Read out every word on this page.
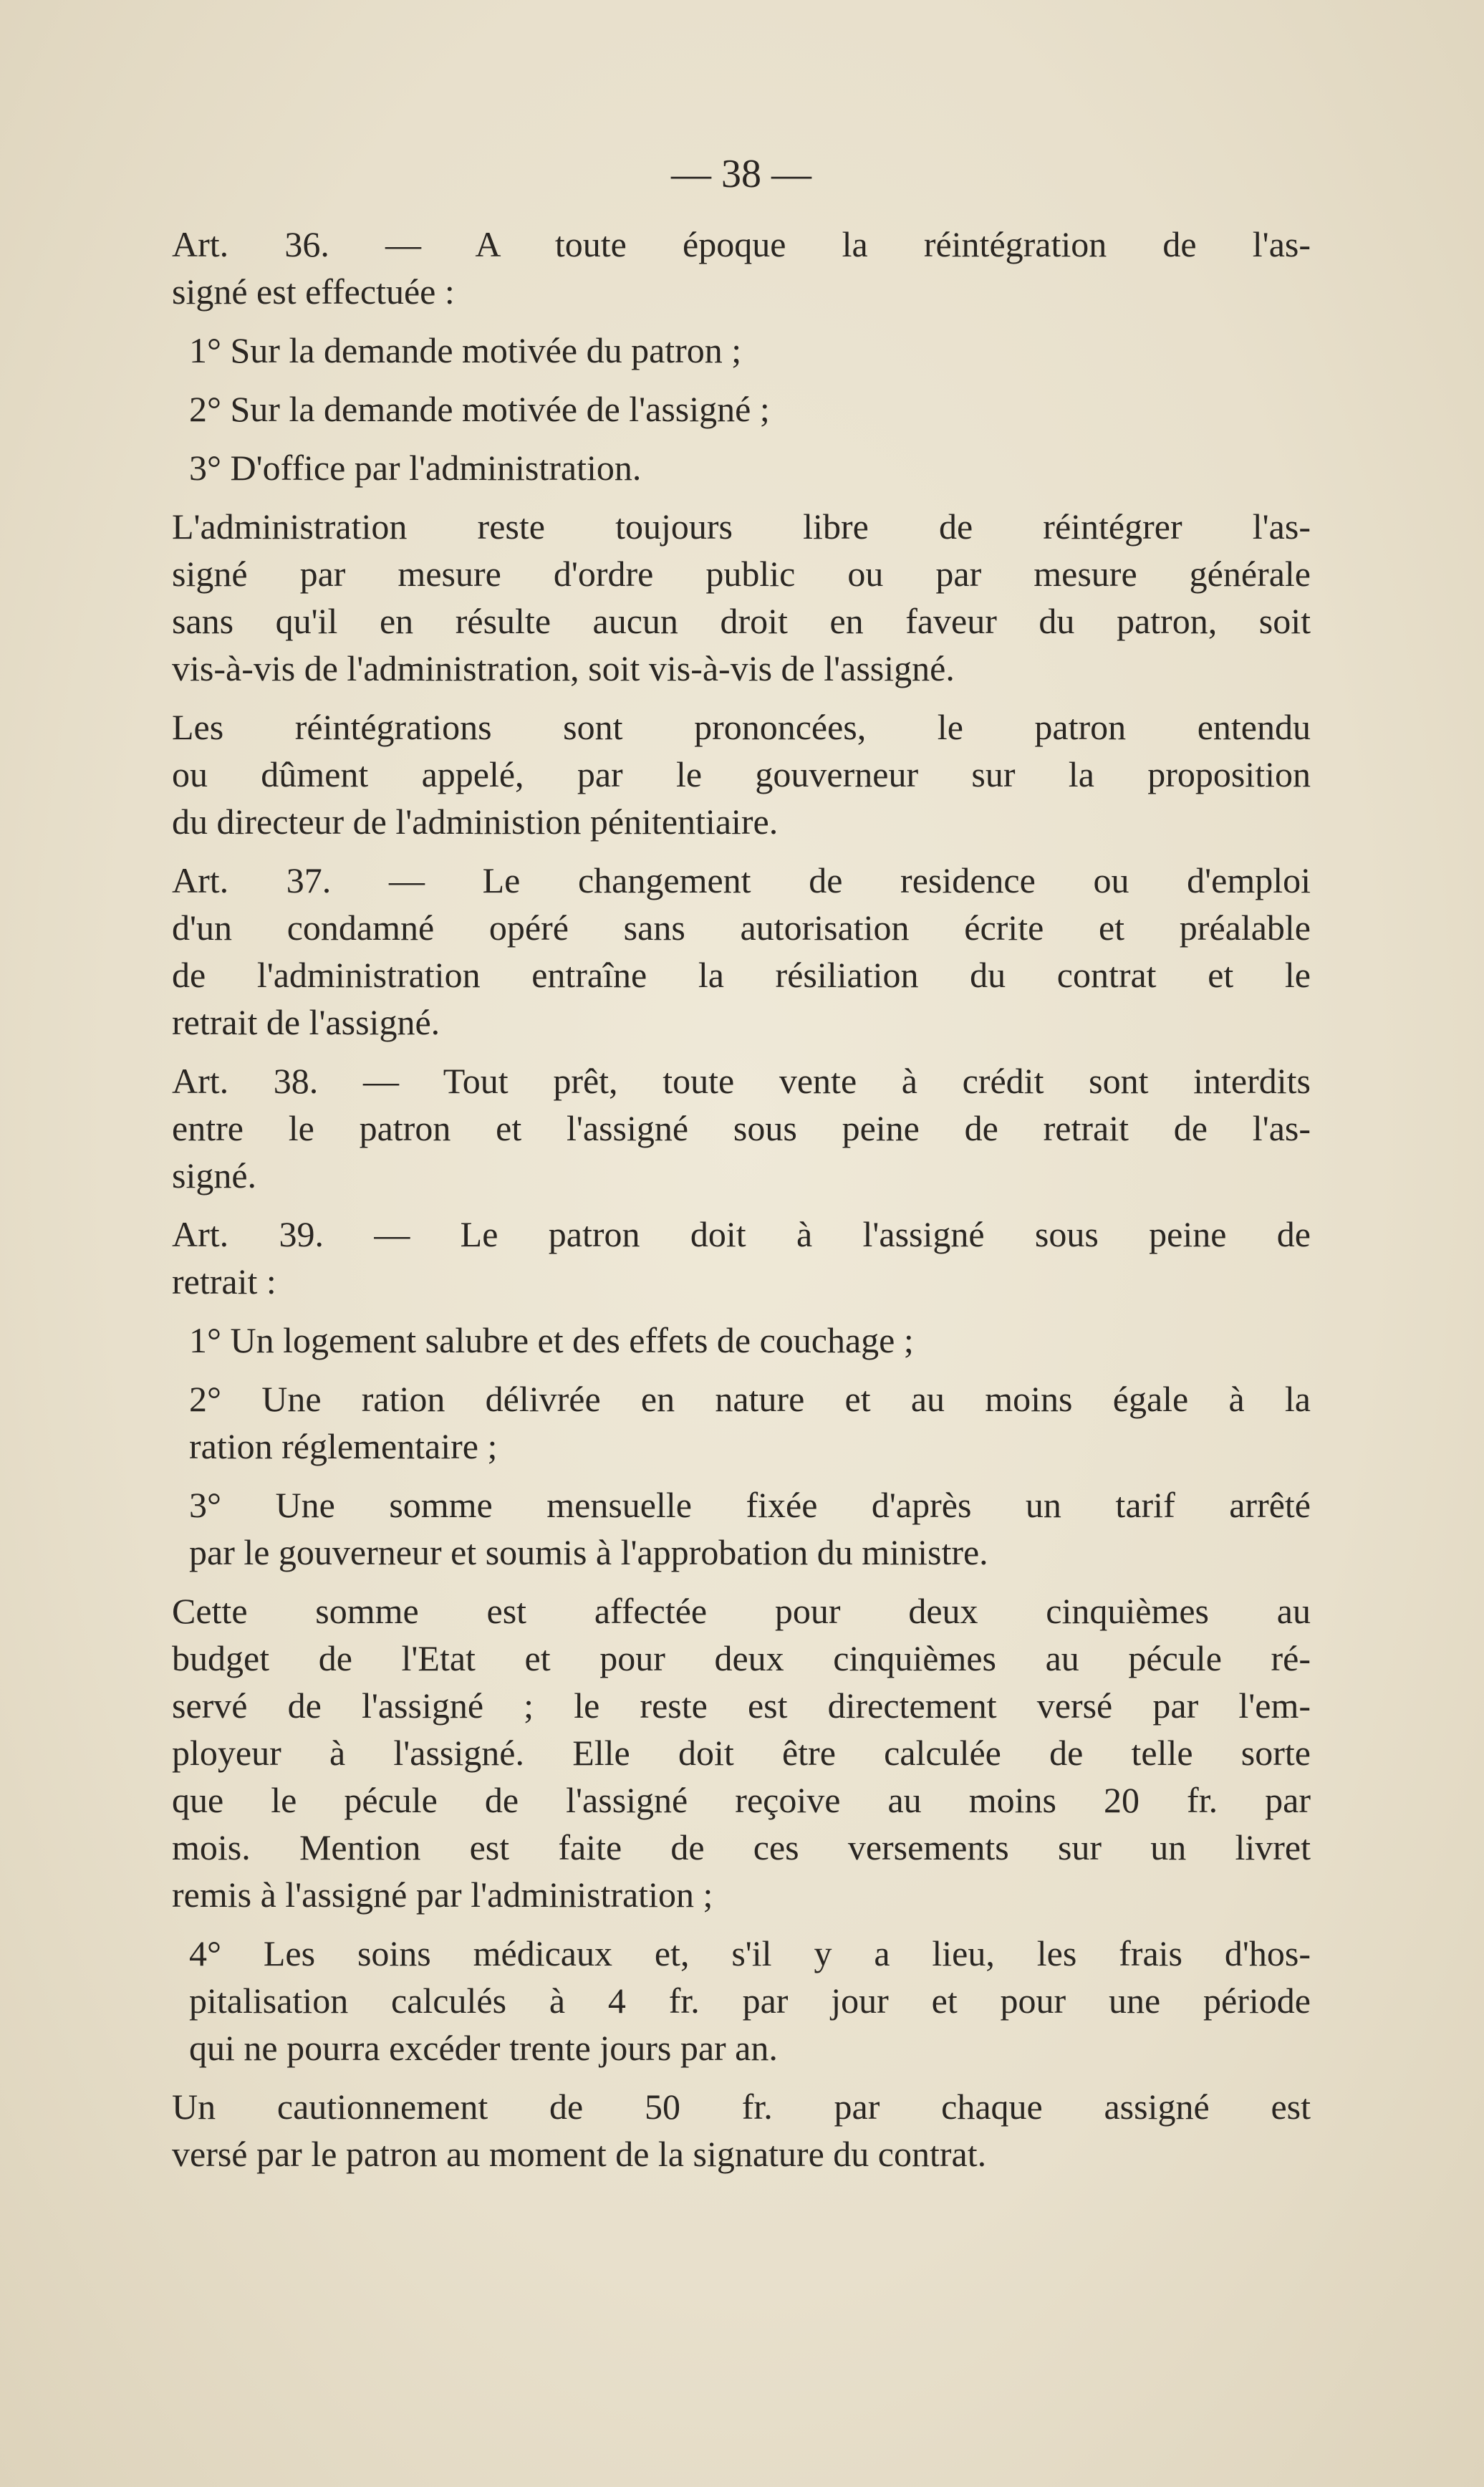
— 38 —
Art. 36. — A toute époque la réintégration de l'as-
signé est effectuée :
1° Sur la demande motivée du patron ;
2° Sur la demande motivée de l'assigné ;
3° D'office par l'administration.
L'administration reste toujours libre de réintégrer l'as-
signé par mesure d'ordre public ou par mesure générale
sans qu'il en résulte aucun droit en faveur du patron, soit
vis-à-vis de l'administration, soit vis-à-vis de l'assigné.
Les réintégrations sont prononcées, le patron entendu
ou dûment appelé, par le gouverneur sur la proposition
du directeur de l'administion pénitentiaire.
Art. 37. — Le changement de residence ou d'emploi
d'un condamné opéré sans autorisation écrite et préalable
de l'administration entraîne la résiliation du contrat et le
retrait de l'assigné.
Art. 38. — Tout prêt, toute vente à crédit sont interdits
entre le patron et l'assigné sous peine de retrait de l'as-
signé.
Art. 39. — Le patron doit à l'assigné sous peine de
retrait :
1° Un logement salubre et des effets de couchage ;
2° Une ration délivrée en nature et au moins égale à la
ration réglementaire ;
3° Une somme mensuelle fixée d'après un tarif arrêté
par le gouverneur et soumis à l'approbation du ministre.
Cette somme est affectée pour deux cinquièmes au
budget de l'Etat et pour deux cinquièmes au pécule ré-
servé de l'assigné ; le reste est directement versé par l'em-
ployeur à l'assigné. Elle doit être calculée de telle sorte
que le pécule de l'assigné reçoive au moins 20 fr. par
mois. Mention est faite de ces versements sur un livret
remis à l'assigné par l'administration ;
4° Les soins médicaux et, s'il y a lieu, les frais d'hos-
pitalisation calculés à 4 fr. par jour et pour une période
qui ne pourra excéder trente jours par an.
Un cautionnement de 50 fr. par chaque assigné est
versé par le patron au moment de la signature du contrat.
